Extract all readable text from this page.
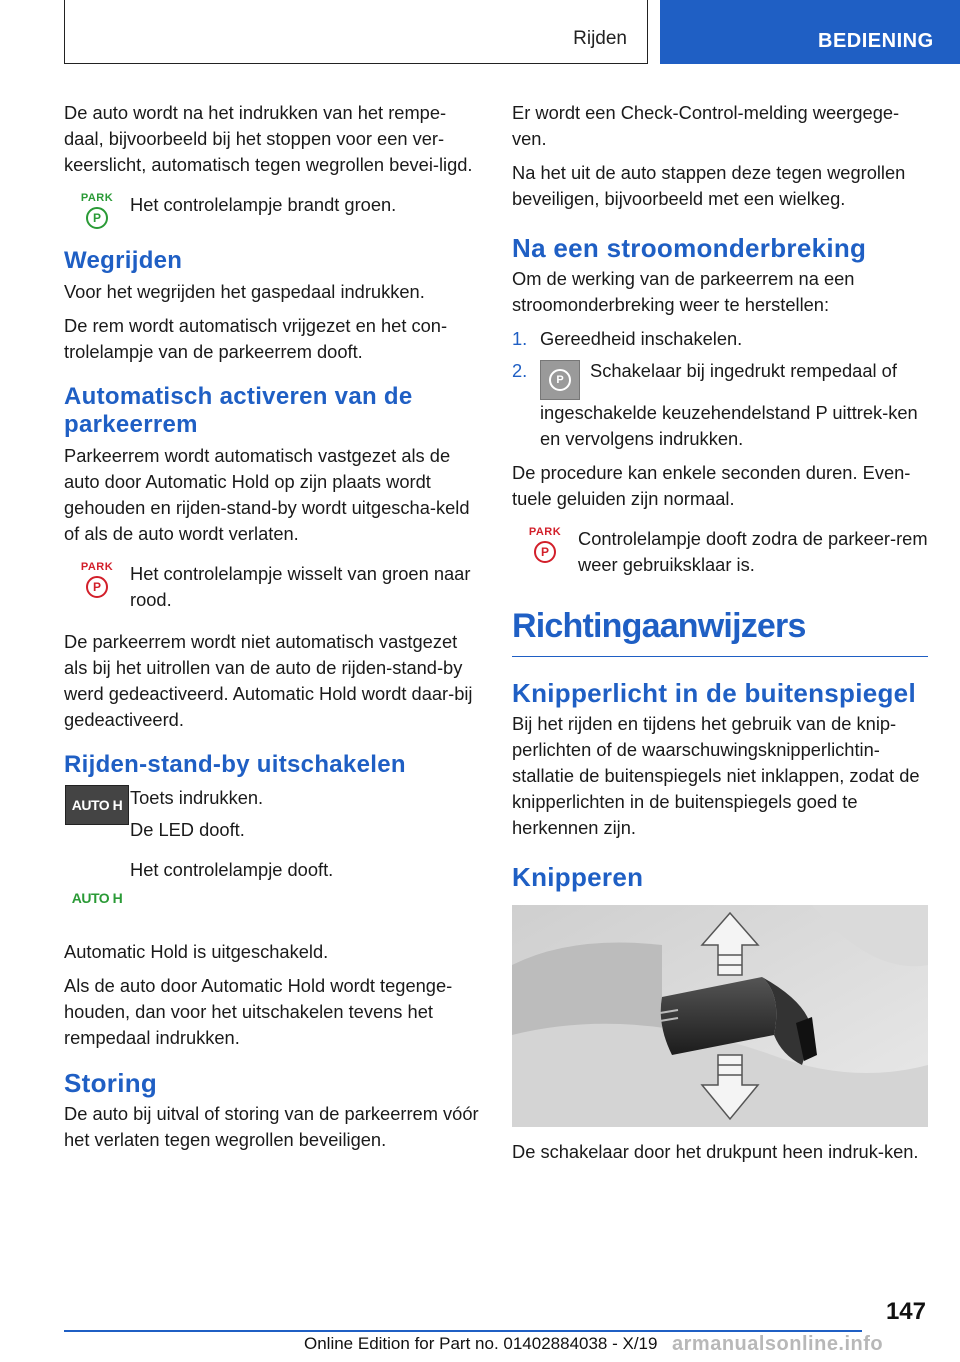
Rijden	BEDIENING

De auto wordt na het indrukken van het rempe-daal, bijvoorbeeld bij het stoppen voor een ver-keerslicht, automatisch tegen wegrollen bevei-ligd.

PARK
P
Het controlelampje brandt groen.
Wegrijden

Voor het wegrijden het gaspedaal indrukken.

De rem wordt automatisch vrijgezet en het con-trolelampje van de parkeerrem dooft.

Automatisch activeren van de parkeerrem

Parkeerrem wordt automatisch vastgezet als de auto door Automatic Hold op zijn plaats wordt gehouden en rijden-stand-by wordt uitgescha-keld of als de auto wordt verlaten.

PARK
P
Het controlelampje wisselt van groen naar rood.

De parkeerrem wordt niet automatisch vastgezet als bij het uitrollen van de auto de rijden-stand-by werd gedeactiveerd. Automatic Hold wordt daar-bij gedeactiveerd.

Rijden-stand-by uitschakelen
AUTO H Toets indrukken.

De LED dooft.

AUTO H
Het controlelampje dooft.

Automatic Hold is uitgeschakeld.

Als de auto door Automatic Hold wordt tegenge-houden, dan voor het uitschakelen tevens het rempedaal indrukken.

Storing

De auto bij uitval of storing van de parkeerrem vóór het verlaten tegen wegrollen beveiligen.

Er wordt een Check-Control-melding weergege-ven.

Na het uit de auto stappen deze tegen wegrollen beveiligen, bijvoorbeeld met een wielkeg.

Na een stroomonderbreking

Om de werking van de parkeerrem na een stroomonderbreking weer te herstellen:

1. Gereedheid inschakelen.
2.	P	Schakelaar bij ingedrukt rempedaal of ingeschakelde keuzehendelstand P uittrek-ken en vervolgens indrukken.

De procedure kan enkele seconden duren. Even-tuele geluiden zijn normaal.

PARK
P
Controlelampje dooft zodra de parkeer-rem weer gebruiksklaar is.
Richtingaanwijzers
Knipperlicht in de buitenspiegel

Bij het rijden en tijdens het gebruik van de knip-perlichten of de waarschuwingsknipperlichtin-stallatie de buitenspiegels niet inklappen, zodat de knipperlichten in de buitenspiegels goed te herkennen zijn.

Knipperen

De schakelaar door het drukpunt heen indruk-ken.

147
Online Edition for Part no. 01402884038 - X/19 armanualsonline.info
